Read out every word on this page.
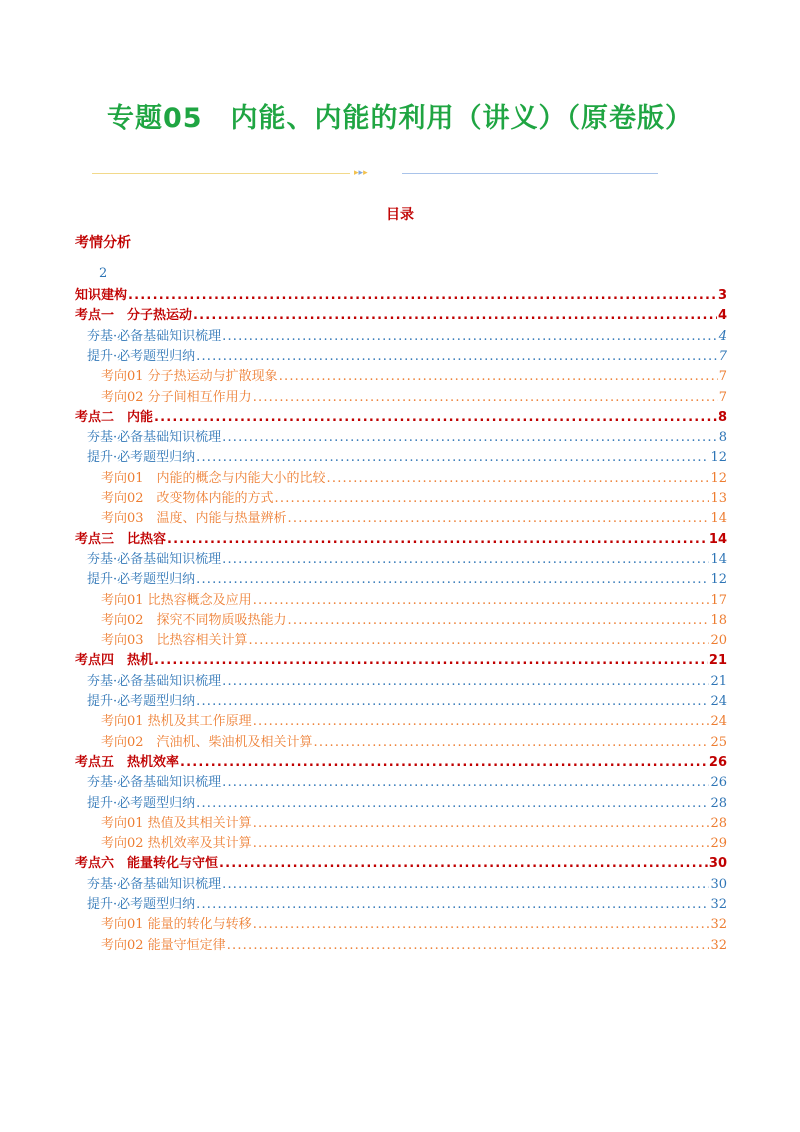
专题05　内能、内能的利用（讲义）（原卷版）
▸▸▸
目录
考情分析
2
知识建构 .....	3
考点一　分子热运动 .....	4
夯基·必备基础知识梳理 .....	4
提升·必考题型归纳 .....	7
考向01 分子热运动与扩散现象 .....	7
考向02 分子间相互作用力 .....	7
考点二　内能 .....	8
夯基·必备基础知识梳理 .....	8
提升·必考题型归纳 .....	12
考向01　内能的概念与内能大小的比较 .....	12
考向02　改变物体内能的方式 .....	13
考向03　温度、内能与热量辨析 .....	14
考点三　比热容 .....	14
夯基·必备基础知识梳理 .....	14
提升·必考题型归纳 .....	12
考向01 比热容概念及应用 .....	17
考向02　探究不同物质吸热能力 .....	18
考向03　比热容相关计算 .....	20
考点四　热机 .....	21
夯基·必备基础知识梳理 .....	21
提升·必考题型归纳 .....	24
考向01 热机及其工作原理 .....	24
考向02　汽油机、柴油机及相关计算 .....	25
考点五　热机效率 .....	26
夯基·必备基础知识梳理 .....	26
提升·必考题型归纳 .....	28
考向01 热值及其相关计算 .....	28
考向02 热机效率及其计算 .....	29
考点六　能量转化与守恒 .....	30
夯基·必备基础知识梳理 .....	30
提升·必考题型归纳 .....	32
考向01 能量的转化与转移 .....	32
考向02 能量守恒定律 .....	32
